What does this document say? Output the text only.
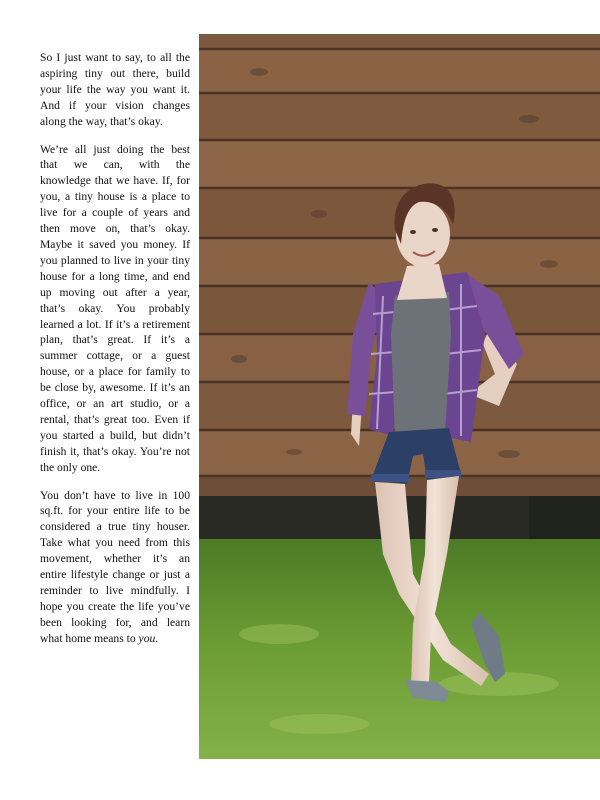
So I just want to say, to all the aspiring tiny out there, build your life the way you want it. And if your vision changes along the way, that’s okay.

We’re all just doing the best that we can, with the knowledge that we have. If, for you, a tiny house is a place to live for a couple of years and then move on, that’s okay. Maybe it saved you money. If you planned to live in your tiny house for a long time, and end up moving out after a year, that’s okay. You probably learned a lot. If it’s a retirement plan, that’s great. If it’s a summer cottage, or a guest house, or a place for family to be close by, awesome. If it’s an office, or an art studio, or a rental, that’s great too. Even if you started a build, but didn’t finish it, that’s okay. You’re not the only one.

You don’t have to live in 100 sq.ft. for your entire life to be considered a true tiny houser. Take what you need from this movement, whether it’s an entire lifestyle change or just a reminder to live mindfully. I hope you create the life you’ve been looking for, and learn what home means to you.
